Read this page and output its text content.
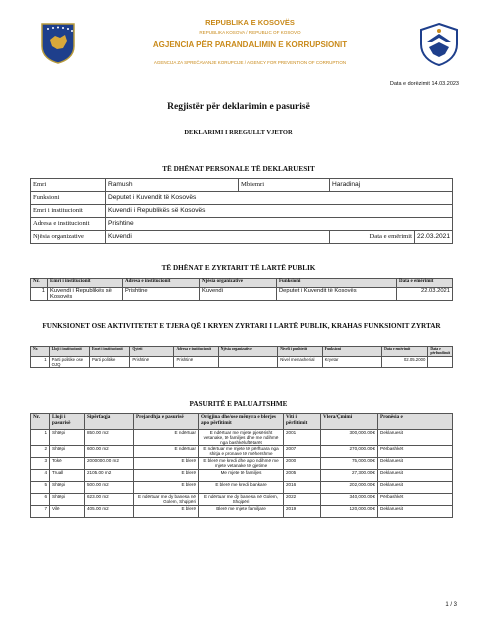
REPUBLIKA E KOSOVËS
REPUBLIKA KOSOVA / REPUBLIC OF KOSOVO
AGJENCIA PËR PARANDALIMIN E KORRUPSIONIT
AGENCIJA ZA SPREČAVANJE KORUPCIJE / AGENCY FOR PREVENTION OF CORRUPTION
Data e dorëzimit 14.03.2023
Regjistër për deklarimin e pasurisë
DEKLARIMI I RREGULLT VJETOR
TË DHËNAT PERSONALE TË DEKLARUESIT
Emri	Ramush	Mbiemri	Haradinaj	
Funksioni	Deputet i Kuvendit të Kosovës			
Emri i institucionit	Kuvendi i Republikës së Kosovës			
Adresa e institucionit	Prishtine			
Njësia organizative	Kuvendi		Data e emërimit	22.03.2021
TË DHËNAT E ZYRTARIT TË LARTË PUBLIK
Nr.	Emri i institucionit	Adresa e institucionit	Njësia organizative	Funksioni	Data e emërimit
1	Kuvendi i Republikës së Kosovës	Prishtine	Kuvendi	Deputet i Kuvendit të Kosovës	22.03.2021
FUNKSIONET OSE AKTIVITETET E TJERA QË I KRYEN ZYRTARI I LARTË PUBLIK, KRAHAS FUNKSIONIT ZYRTAR
Nr.	Lloji i institucionit	Emri i institucionit	Qyteti	Adresa e institucionit	Njësia organizative	Niveli i pushtetit	Funksioni	Data e emërimit	Data e përfundimit
1	Parti politike ose OJQ	Parti politike	Prishtinë	Prishtinë		Nivel menaxherial	Kryetar	02.05.2000	
PASURITË E PALUAJTSHME
Nr.	Lloji i pasurisë	Sipërfaqja	Prejardhja e pasurisë	Origjina dhe/ose mënyra e blerjes apo përfitimit	Viti i përfitimit	Vlera/Çmimi	Pronësia e
1	Shtëpi	850.00 m2	E ndërtuar	E ndërtuar me mjete pjesërisht vetanake, të familjes dhe me ndihmë nga bashkëluftëtarët	2001	300,000.00€	Deklaruesit
2	Shtëpi	600.00 m2	E ndërtuar	E ndërtuar me mjete të përftuara nga shitja e pronave të mëhershme	2007	270,000.00€	Përbashkët
3	Tokë	2000000.00 m2	E blerë	E blerë me kredi dhe apo ndihmë me mjete vetanake të gjetime	2000	75,000.00€	Deklaruesit
4	Truall	2105.00 m2	E blerë	Me mjete të familjes	2005	27,300.00€	Deklaruesit
5	Shtëpi	500.00 m2	E blerë	E blerë me kredi bankare	2016	202,000.00€	Deklaruesit
6	Shtëpi	623.00 m2	E ndërtuar me dy banesa në Golem, Shqipëri	E ndërtuar me dy banesa në Golem, Shqipëri	2022	340,000.00€	Përbashkët
7	Vilë	405.00 m2	E blerë	Blerë me mjete familjare	2019	120,000.00€	Deklaruesit
1 / 3
